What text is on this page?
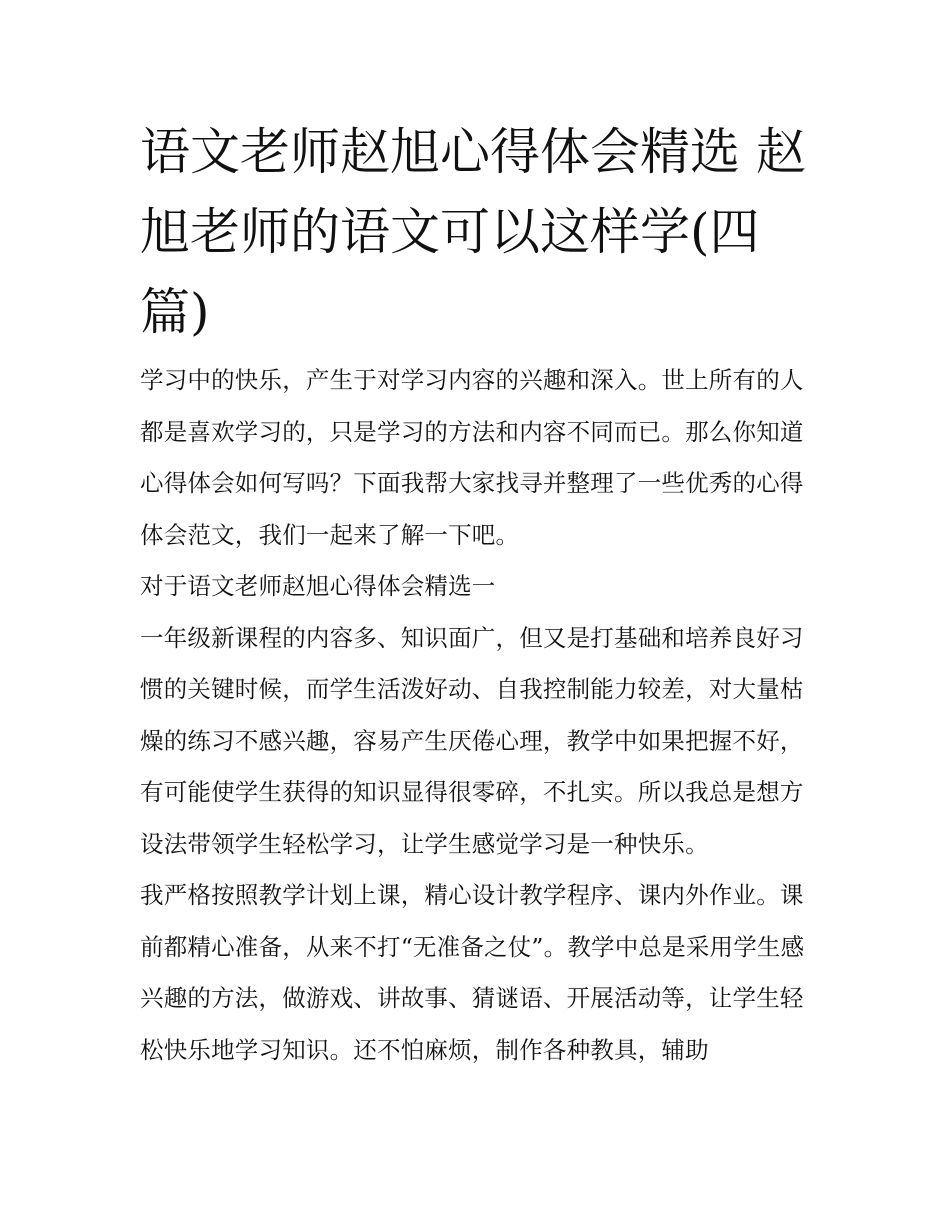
语文老师赵旭心得体会精选 赵旭老师的语文可以这样学(四篇)

学习中的快乐，产生于对学习内容的兴趣和深入。世上所有的人都是喜欢学习的，只是学习的方法和内容不同而已。那么你知道心得体会如何写吗？下面我帮大家找寻并整理了一些优秀的心得体会范文，我们一起来了解一下吧。

对于语文老师赵旭心得体会精选一

一年级新课程的内容多、知识面广，但又是打基础和培养良好习惯的关键时候，而学生活泼好动、自我控制能力较差，对大量枯燥的练习不感兴趣，容易产生厌倦心理，教学中如果把握不好，有可能使学生获得的知识显得很零碎，不扎实。所以我总是想方设法带领学生轻松学习，让学生感觉学习是一种快乐。

我严格按照教学计划上课，精心设计教学程序、课内外作业。课前都精心准备，从来不打“无准备之仗”。教学中总是采用学生感兴趣的方法，做游戏、讲故事、猜谜语、开展活动等，让学生轻松快乐地学习知识。还不怕麻烦，制作各种教具，辅助
